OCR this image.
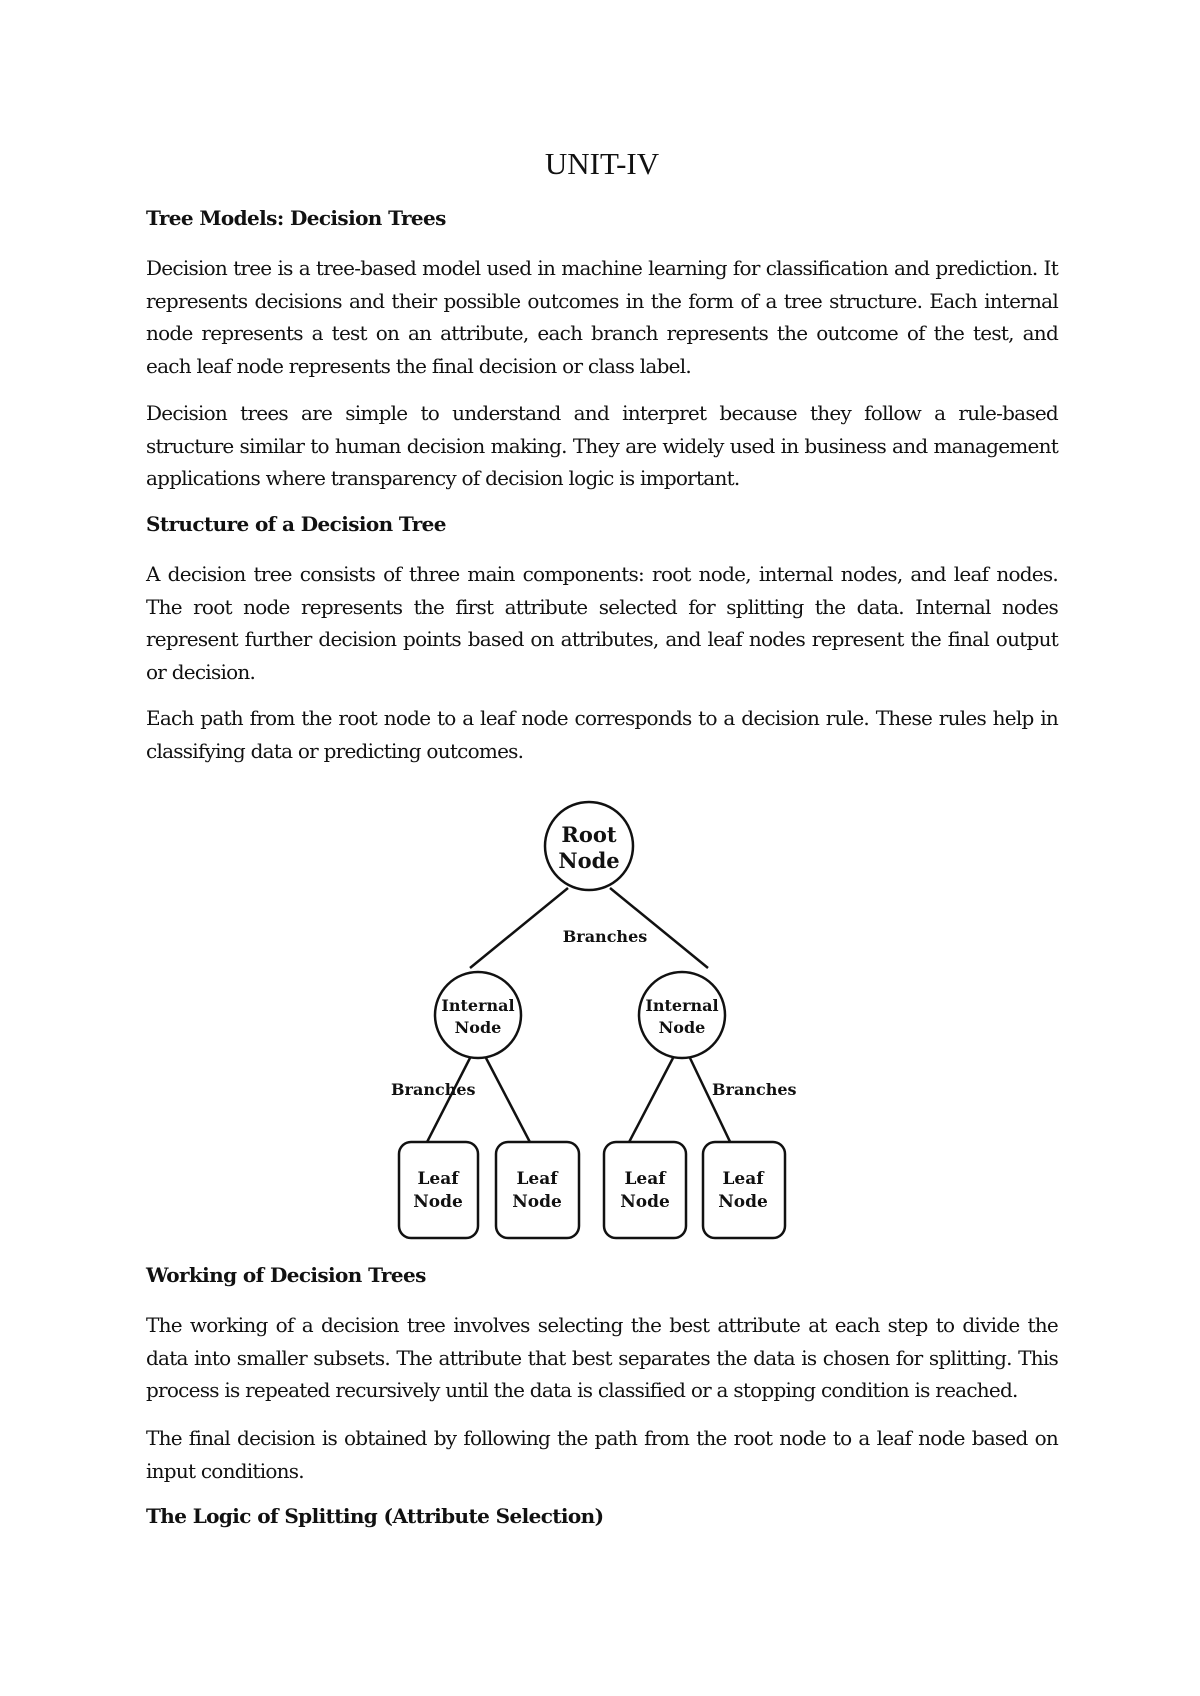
UNIT-IV
Tree Models: Decision Trees

Decision tree is a tree-based model used in machine learning for classification and prediction. It represents decisions and their possible outcomes in the form of a tree structure. Each internal node represents a test on an attribute, each branch represents the outcome of the test, and each leaf node represents the final decision or class label.

Decision trees are simple to understand and interpret because they follow a rule-based structure similar to human decision making. They are widely used in business and management applications where transparency of decision logic is important.

Structure of a Decision Tree

A decision tree consists of three main components: root node, internal nodes, and leaf nodes. The root node represents the first attribute selected for splitting the data. Internal nodes represent further decision points based on attributes, and leaf nodes represent the final output or decision.

Each path from the root node to a leaf node corresponds to a decision rule. These rules help in classifying data or predicting outcomes.

Working of Decision Trees

The working of a decision tree involves selecting the best attribute at each step to divide the data into smaller subsets. The attribute that best separates the data is chosen for splitting. This process is repeated recursively until the data is classified or a stopping condition is reached.

The final decision is obtained by following the path from the root node to a leaf node based on input conditions.

The Logic of Splitting (Attribute Selection)
Root
Node
Branches
Internal
Node
Internal
Node
Branches	Branches
Leaf
Node
Leaf
Node
Leaf
Node
Leaf
Node
